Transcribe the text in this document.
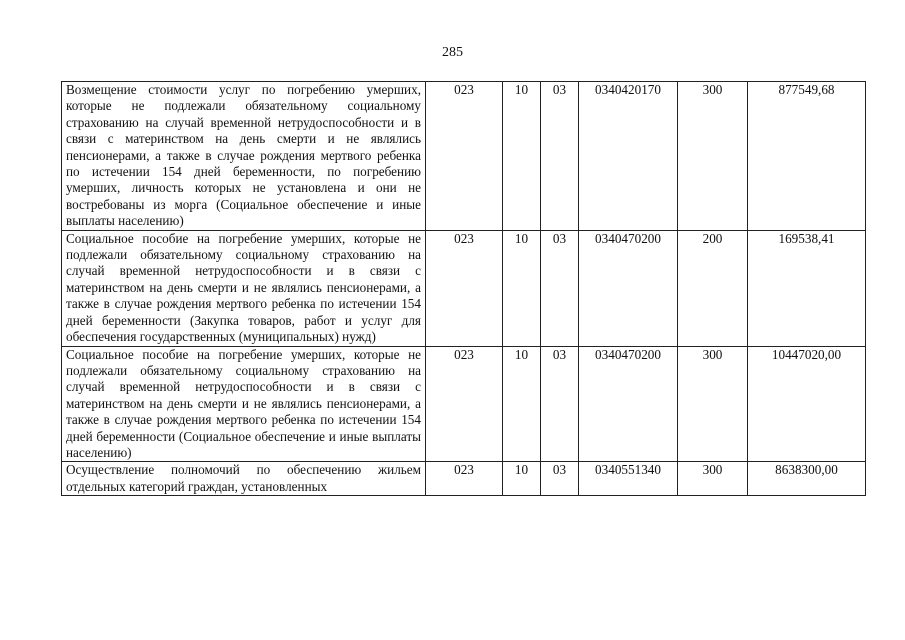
285
Возмещение стоимости услуг по погребению умерших, которые не подлежали обязательному социальному страхованию на случай временной нетрудоспособности и в связи с материнством на день смерти и не являлись пенсионерами, а также в случае рождения мертвого ребенка по истечении 154 дней беременности, по погребению умерших, личность которых не установлена и они не востребованы из морга (Социальное обеспечение и иные выплаты населению)	023	10	03	0340420170	300	877549,68
Социальное пособие на погребение умерших, которые не подлежали обязательному социальному страхованию на случай временной нетрудоспособности и в связи с материнством на день смерти и не являлись пенсионерами, а также в случае рождения мертвого ребенка по истечении 154 дней беременности (Закупка товаров, работ и услуг для обеспечения государственных (муниципальных) нужд)	023	10	03	0340470200	200	169538,41
Социальное пособие на погребение умерших, которые не подлежали обязательному социальному страхованию на случай временной нетрудоспособности и в связи с материнством на день смерти и не являлись пенсионерами, а также в случае рождения мертвого ребенка по истечении 154 дней беременности (Социальное обеспечение и иные выплаты населению)	023	10	03	0340470200	300	10447020,00
Осуществление полномочий по обеспечению жильем отдельных категорий граждан, установленных	023	10	03	0340551340	300	8638300,00
